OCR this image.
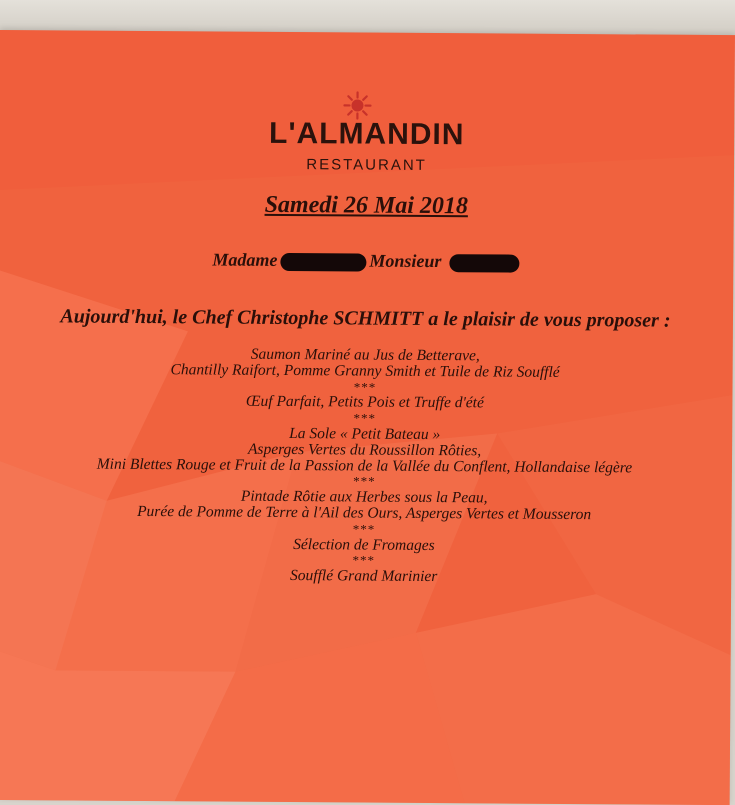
L'ALMANDIN
RESTAURANT
Samedi 26 Mai 2018
Madame	Monsieur
Aujourd'hui, le Chef Christophe SCHMITT a le plaisir de vous proposer :
Saumon Mariné au Jus de Betterave,
Chantilly Raifort, Pomme Granny Smith et Tuile de Riz Soufflé
***
Œuf Parfait, Petits Pois et Truffe d'été
***
La Sole « Petit Bateau »
Asperges Vertes du Roussillon Rôties,
Mini Blettes Rouge et Fruit de la Passion de la Vallée du Conflent, Hollandaise légère
***
Pintade Rôtie aux Herbes sous la Peau,
Purée de Pomme de Terre à l'Ail des Ours, Asperges Vertes et Mousseron
***
Sélection de Fromages
***
Soufflé Grand Marinier
